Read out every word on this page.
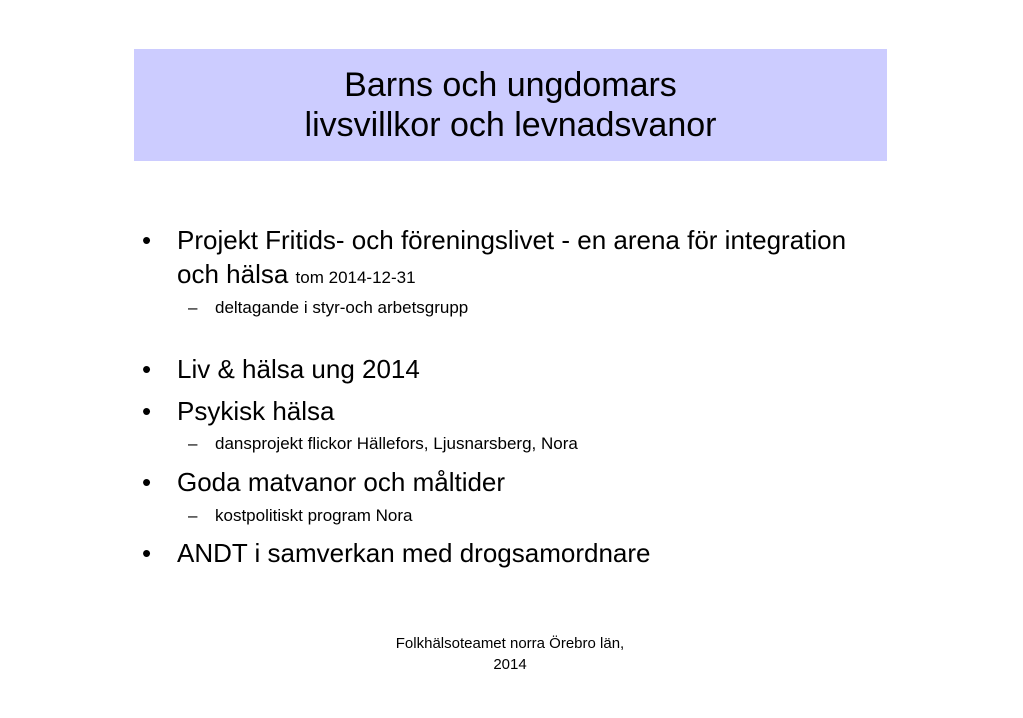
Barns och ungdomars
livsvillkor och levnadsvanor
• Projekt Fritids- och föreningslivet - en arena för integration och hälsa tom 2014-12-31
– deltagande i styr-och arbetsgrupp
• Liv & hälsa ung 2014
• Psykisk hälsa
– dansprojekt flickor Hällefors, Ljusnarsberg, Nora
• Goda matvanor och måltider
– kostpolitiskt program Nora
• ANDT i samverkan med drogsamordnare
Folkhälsoteamet norra Örebro län,
2014
